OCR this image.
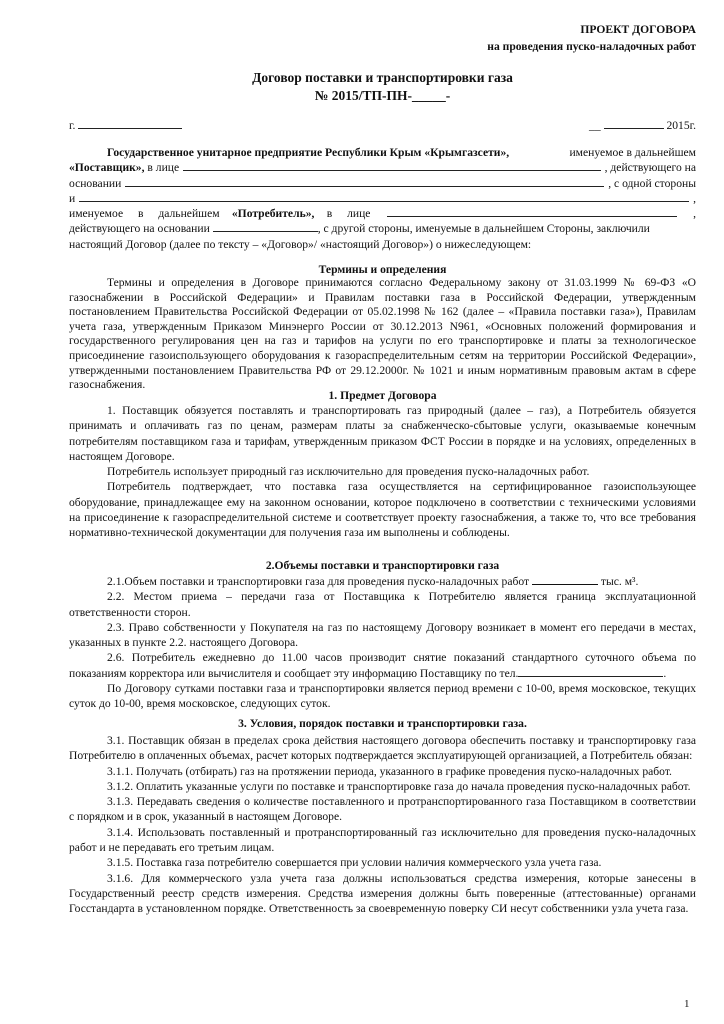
ПРОЕКТ ДОГОВОРА
на проведения пуско-наладочных работ
Договор поставки и транспортировки газа
№ 2015/ТП-ПН-_____-
г.	__	2015г.
Государственное унитарное предприятие Республики Крым «Крымгазсети»,	именуемое в дальнейшем
«Поставщик»,
в лице	, действующего на
основании	, с одной стороны
и	,
именуемое в дальнейшем «Потребитель», в лице	,
действующего на основании
	, с другой стороны, именуемые в дальнейшем Стороны, заключили
настоящий Договор (далее по тексту – «Договор»/ «настоящий Договор») о нижеследующем:
Термины и определения

Термины и определения в Договоре принимаются согласно Федеральному закону от 31.03.1999 № 69-ФЗ «О газоснабжении в Российской Федерации» и Правилам поставки газа в Российской Федерации, утвержденным постановлением Правительства Российской Федерации от 05.02.1998 № 162 (далее – «Правила поставки газа»), Правилам учета газа, утвержденным Приказом Минэнерго России от 30.12.2013 N961, «Основных положений формирования и государственного регулирования цен на газ и тарифов на услуги по его транспортировке и платы за технологическое присоединение газоиспользующего оборудования к газораспределительным сетям на территории Российской Федерации», утвержденными постановлением Правительства РФ от 29.12.2000г. № 1021 и иным нормативным правовым актам в сфере газоснабжения.

1. Предмет Договора

1. Поставщик обязуется поставлять и транспортировать газ природный (далее – газ), а Потребитель обязуется принимать и оплачивать газ по ценам, размерам платы за снабженческо-сбытовые услуги, оказываемые конечным потребителям поставщиком газа и тарифам, утвержденным приказом ФСТ России в порядке и на условиях, определенных в настоящем Договоре.

Потребитель использует природный газ исключительно для проведения пуско-наладочных работ.

Потребитель подтверждает, что поставка газа осуществляется на сертифицированное газоиспользующее оборудование, принадлежащее ему на законном основании, которое подключено в соответствии с техническими условиями на присоединение к газораспределительной системе и соответствует проекту газоснабжения, а также то, что все требования нормативно-технической документации для получения газа им выполнены и соблюдены.

2.Объемы поставки и транспортировки газа

2.1.Объем поставки и транспортировки газа для проведения пуско-наладочных работ	тыс. м³.

2.2. Местом приема – передачи газа от Поставщика к Потребителю является граница эксплуатационной ответственности сторон.

2.3. Право собственности у Покупателя на газ по настоящему Договору возникает в момент его передачи в местах, указанных в пункте 2.2. настоящего Договора.

2.6. Потребитель ежедневно до 11.00 часов производит снятие показаний стандартного суточного объема по показаниям корректора или вычислителя и сообщает эту информацию Поставщику по тел.	.

По Договору сутками поставки газа и транспортировки является период времени с 10-00, время московское, текущих суток до 10-00, время московское, следующих суток.

3. Условия, порядок поставки и транспортировки газа.

3.1. Поставщик обязан в пределах срока действия настоящего договора обеспечить поставку и транспортировку газа Потребителю в оплаченных объемах, расчет которых подтверждается эксплуатирующей организацией, а Потребитель обязан:

3.1.1. Получать (отбирать) газ на протяжении периода, указанного в графике проведения пуско-наладочных работ.

3.1.2. Оплатить указанные услуги по поставке и транспортировке газа до начала проведения пуско-наладочных работ.

3.1.3. Передавать сведения о количестве поставленного и протранспортированного газа Поставщиком в соответствии с порядком и в срок, указанный в настоящем Договоре.

3.1.4. Использовать поставленный и протранспортированный газ исключительно для проведения пуско-наладочных работ и не передавать его третьим лицам.

3.1.5. Поставка газа потребителю совершается при условии наличия коммерческого узла учета газа.

3.1.6. Для коммерческого узла учета газа должны использоваться средства измерения, которые занесены в Государственный реестр средств измерения. Средства измерения должны быть поверенные (аттестованные) органами Госстандарта в установленном порядке. Ответственность за своевременную поверку СИ несут собственники узла учета газа.

1
